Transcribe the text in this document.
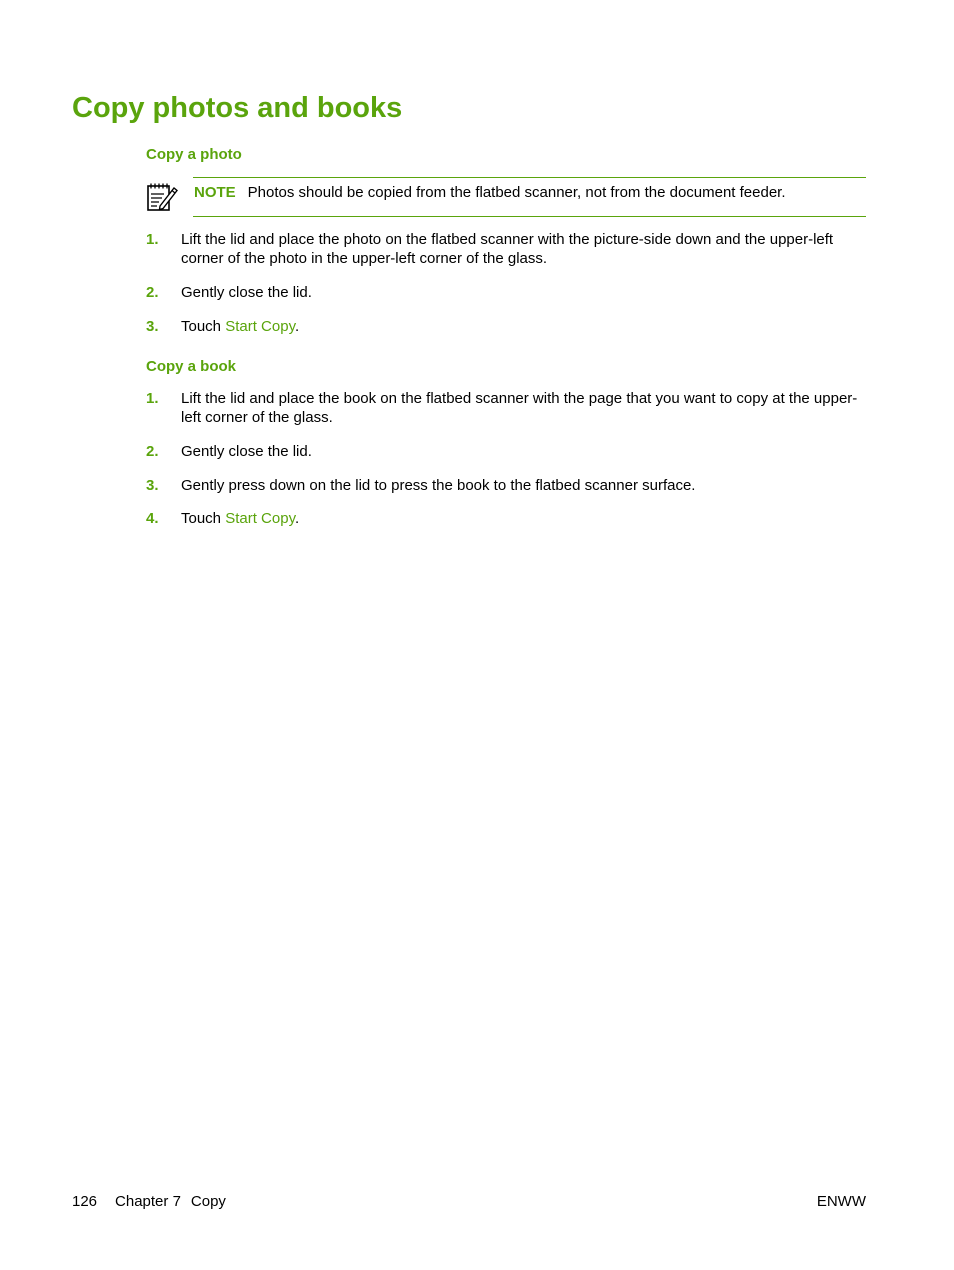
Copy photos and books
Copy a photo
NOTE Photos should be copied from the flatbed scanner, not from the document feeder.
1. Lift the lid and place the photo on the flatbed scanner with the picture-side down and the upper-left corner of the photo in the upper-left corner of the glass.
2. Gently close the lid.
3. Touch Start Copy.
Copy a book
1. Lift the lid and place the book on the flatbed scanner with the page that you want to copy at the upper-left corner of the glass.
2. Gently close the lid.
3. Gently press down on the lid to press the book to the flatbed scanner surface.
4. Touch Start Copy.
126 Chapter 7 Copy	ENWW
